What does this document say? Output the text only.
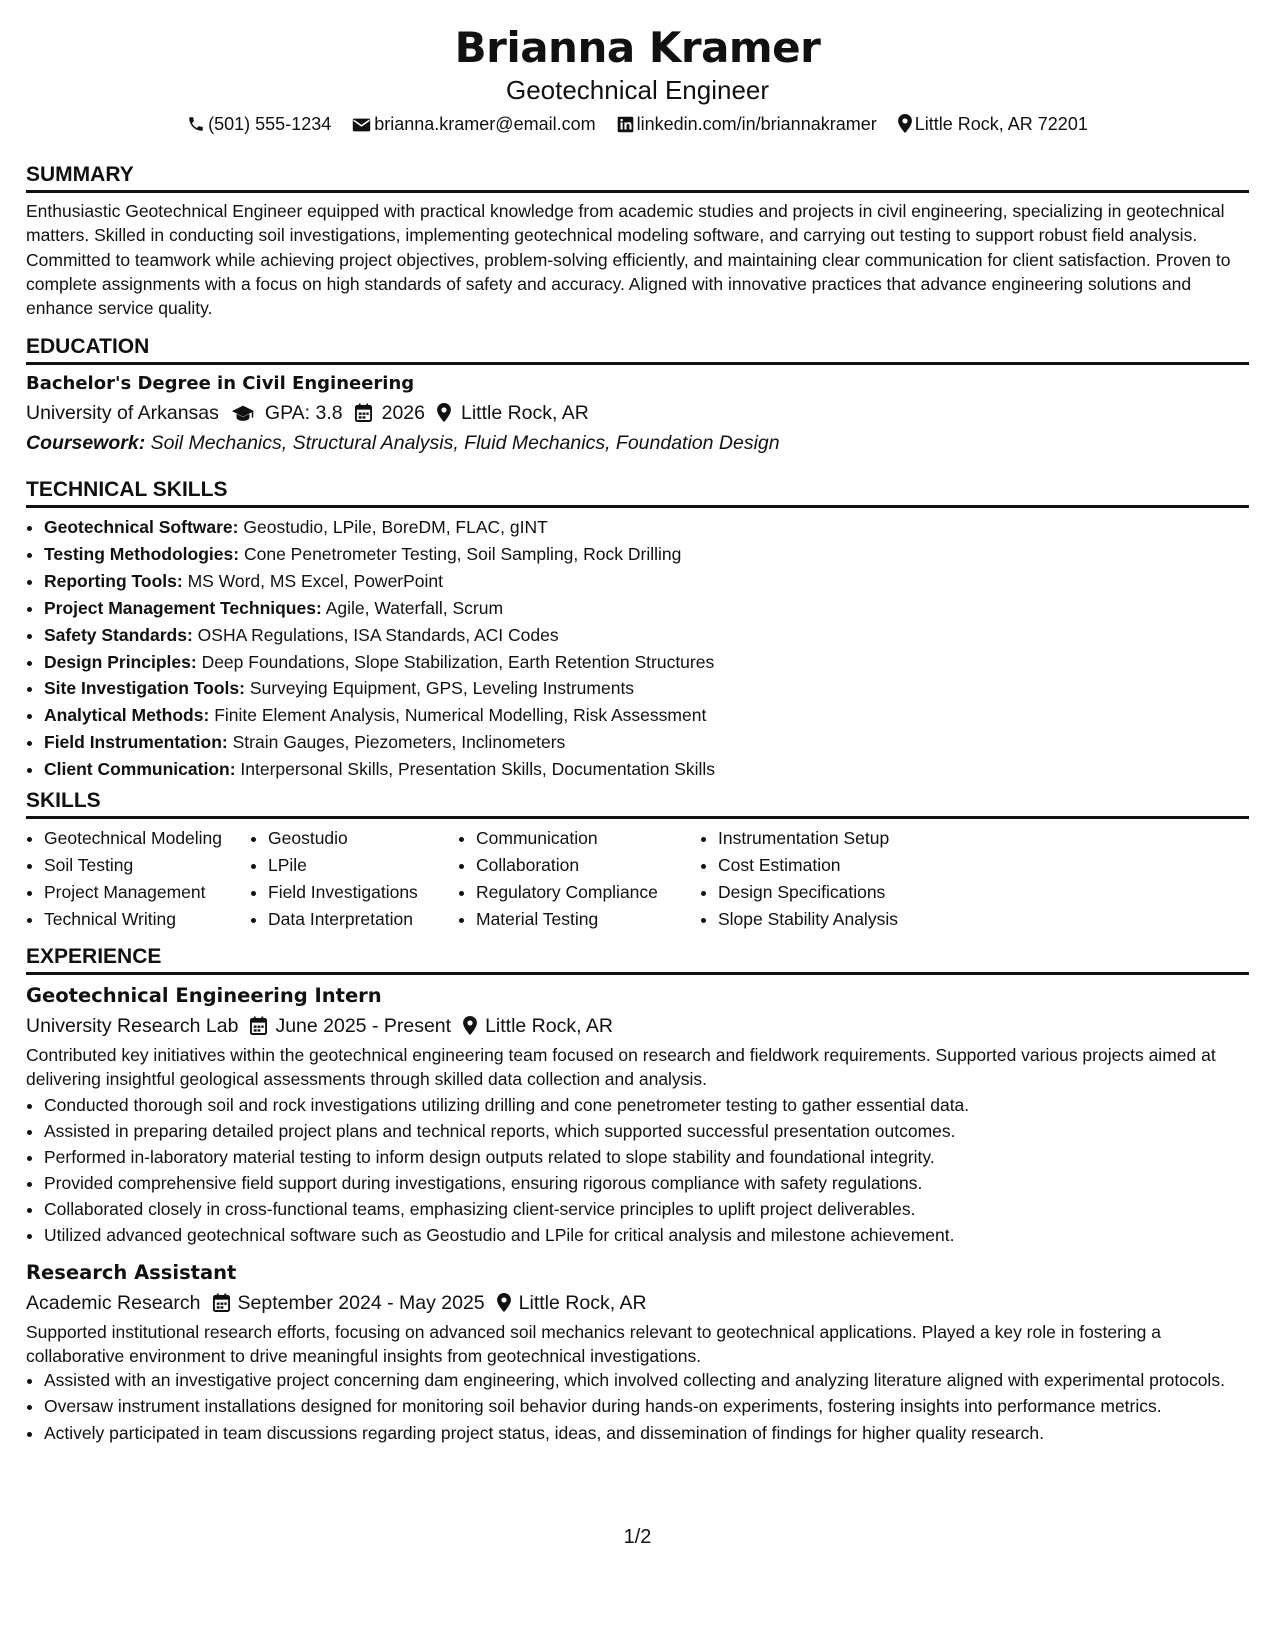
Brianna Kramer
Geotechnical Engineer
(501) 555-1234 brianna.kramer@email.com linkedin.com/in/briannakramer Little Rock, AR 72201
SUMMARY
Enthusiastic Geotechnical Engineer equipped with practical knowledge from academic studies and projects in civil engineering, specializing in geotechnical matters. Skilled in conducting soil investigations, implementing geotechnical modeling software, and carrying out testing to support robust field analysis. Committed to teamwork while achieving project objectives, problem-solving efficiently, and maintaining clear communication for client satisfaction. Proven to complete assignments with a focus on high standards of safety and accuracy. Aligned with innovative practices that advance engineering solutions and enhance service quality.
EDUCATION
Bachelor's Degree in Civil Engineering
University of Arkansas GPA: 3.8 2026 Little Rock, AR
Coursework: Soil Mechanics, Structural Analysis, Fluid Mechanics, Foundation Design
TECHNICAL SKILLS
• Geotechnical Software: Geostudio, LPile, BoreDM, FLAC, gINT
• Testing Methodologies: Cone Penetrometer Testing, Soil Sampling, Rock Drilling
• Reporting Tools: MS Word, MS Excel, PowerPoint
• Project Management Techniques: Agile, Waterfall, Scrum
• Safety Standards: OSHA Regulations, ISA Standards, ACI Codes
• Design Principles: Deep Foundations, Slope Stabilization, Earth Retention Structures
• Site Investigation Tools: Surveying Equipment, GPS, Leveling Instruments
• Analytical Methods: Finite Element Analysis, Numerical Modelling, Risk Assessment
• Field Instrumentation: Strain Gauges, Piezometers, Inclinometers
• Client Communication: Interpersonal Skills, Presentation Skills, Documentation Skills
SKILLS
• Geotechnical Modeling
• Soil Testing
• Project Management
• Technical Writing
• Geostudio
• LPile
• Field Investigations
• Data Interpretation
• Communication
• Collaboration
• Regulatory Compliance
• Material Testing
• Instrumentation Setup
• Cost Estimation
• Design Specifications
• Slope Stability Analysis
EXPERIENCE
Geotechnical Engineering Intern
University Research Lab June 2025 - Present Little Rock, AR
Contributed key initiatives within the geotechnical engineering team focused on research and fieldwork requirements. Supported various projects aimed at delivering insightful geological assessments through skilled data collection and analysis.
• Conducted thorough soil and rock investigations utilizing drilling and cone penetrometer testing to gather essential data.
• Assisted in preparing detailed project plans and technical reports, which supported successful presentation outcomes.
• Performed in-laboratory material testing to inform design outputs related to slope stability and foundational integrity.
• Provided comprehensive field support during investigations, ensuring rigorous compliance with safety regulations.
• Collaborated closely in cross-functional teams, emphasizing client-service principles to uplift project deliverables.
• Utilized advanced geotechnical software such as Geostudio and LPile for critical analysis and milestone achievement.
Research Assistant
Academic Research September 2024 - May 2025 Little Rock, AR
Supported institutional research efforts, focusing on advanced soil mechanics relevant to geotechnical applications. Played a key role in fostering a collaborative environment to drive meaningful insights from geotechnical investigations.
• Assisted with an investigative project concerning dam engineering, which involved collecting and analyzing literature aligned with experimental protocols.
• Oversaw instrument installations designed for monitoring soil behavior during hands-on experiments, fostering insights into performance metrics.
• Actively participated in team discussions regarding project status, ideas, and dissemination of findings for higher quality research.
1/2
